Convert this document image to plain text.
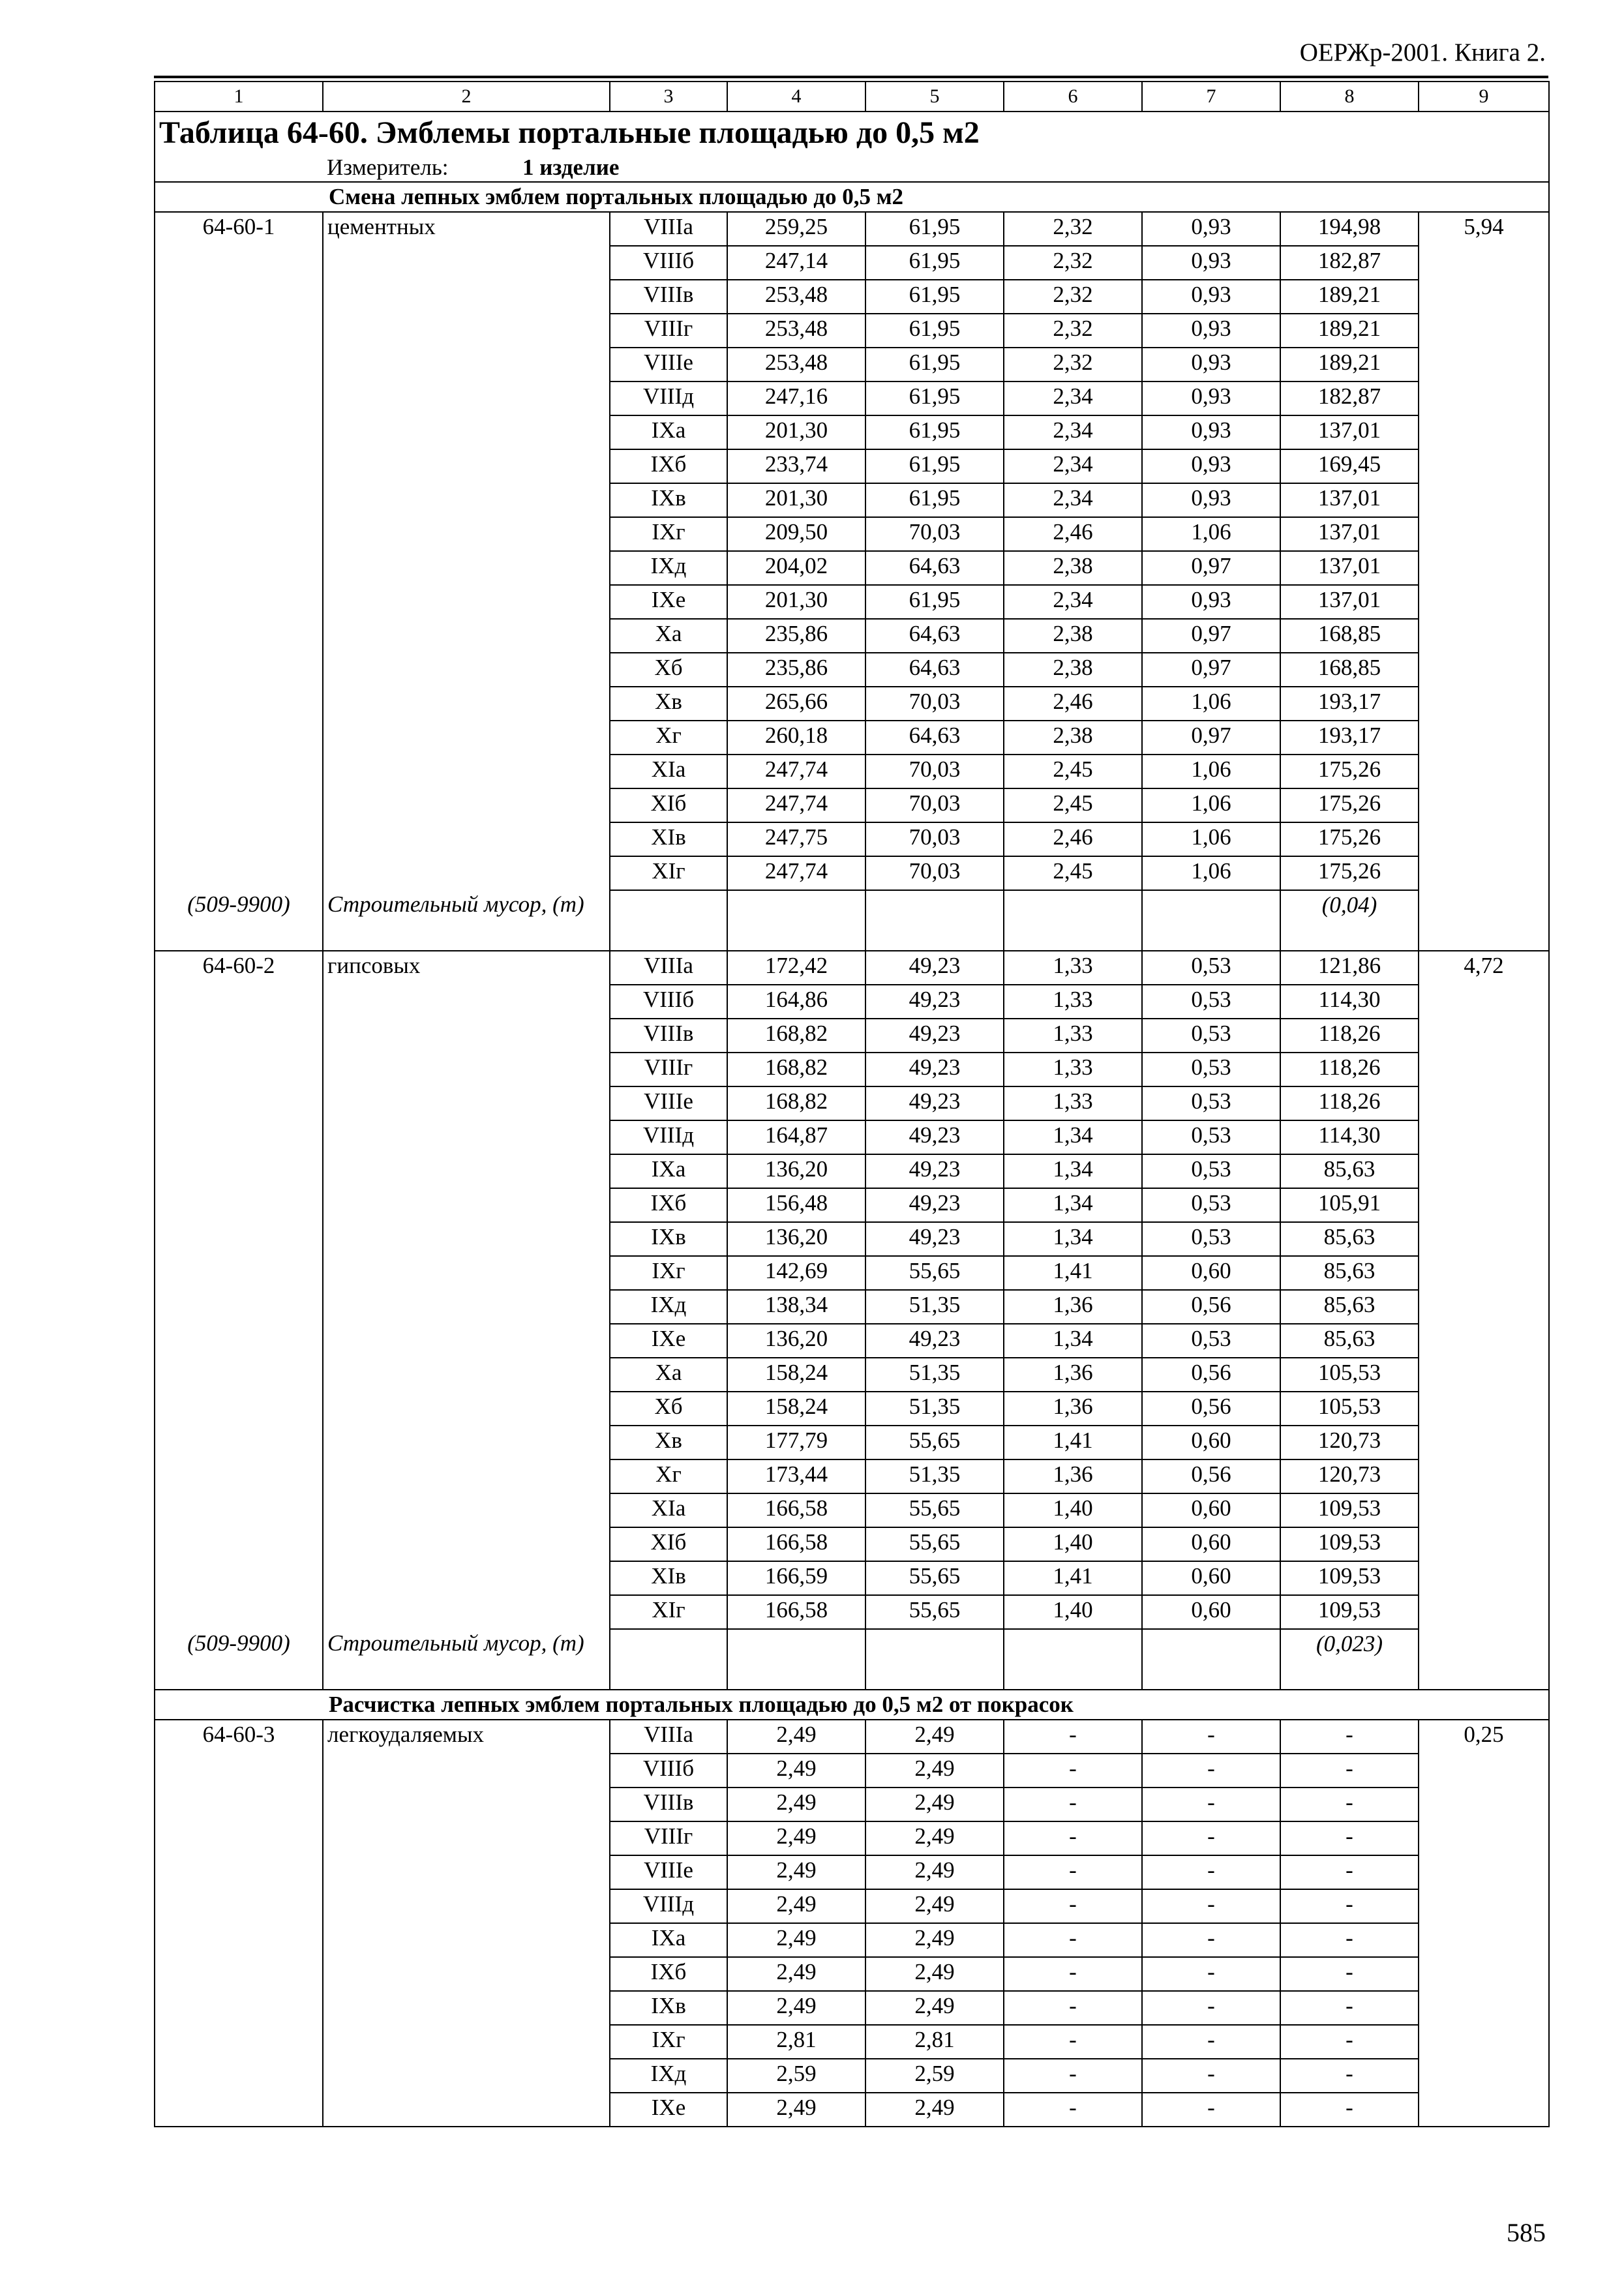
ОЕРЖр-2001. Книга 2.
1	2	3	4	5	6	7	8	9
Таблица 64-60. Эмблемы портальные площадью до 0,5 м2								
	Измеритель: 1 изделие							
Смена лепных эмблем портальных площадью до 0,5 м2								
64-60-1	цементных	VIIIа	259,25	61,95	2,32	0,93	194,98	5,94
		VIIIб	247,14	61,95	2,32	0,93	182,87	
		VIIIв	253,48	61,95	2,32	0,93	189,21	
		VIIIг	253,48	61,95	2,32	0,93	189,21	
		VIIIе	253,48	61,95	2,32	0,93	189,21	
		VIIIд	247,16	61,95	2,34	0,93	182,87	
		IXа	201,30	61,95	2,34	0,93	137,01	
		IXб	233,74	61,95	2,34	0,93	169,45	
		IXв	201,30	61,95	2,34	0,93	137,01	
		IXг	209,50	70,03	2,46	1,06	137,01	
		IXд	204,02	64,63	2,38	0,97	137,01	
		IXе	201,30	61,95	2,34	0,93	137,01	
		Xа	235,86	64,63	2,38	0,97	168,85	
		Xб	235,86	64,63	2,38	0,97	168,85	
		Xв	265,66	70,03	2,46	1,06	193,17	
		Xг	260,18	64,63	2,38	0,97	193,17	
		XIа	247,74	70,03	2,45	1,06	175,26	
		XIб	247,74	70,03	2,45	1,06	175,26	
		XIв	247,75	70,03	2,46	1,06	175,26	
		XIг	247,74	70,03	2,45	1,06	175,26	
(509-9900)	Строительный мусор, (т)						(0,04)	
64-60-2	гипсовых	VIIIа	172,42	49,23	1,33	0,53	121,86	4,72
		VIIIб	164,86	49,23	1,33	0,53	114,30	
		VIIIв	168,82	49,23	1,33	0,53	118,26	
		VIIIг	168,82	49,23	1,33	0,53	118,26	
		VIIIе	168,82	49,23	1,33	0,53	118,26	
		VIIIд	164,87	49,23	1,34	0,53	114,30	
		IXа	136,20	49,23	1,34	0,53	85,63	
		IXб	156,48	49,23	1,34	0,53	105,91	
		IXв	136,20	49,23	1,34	0,53	85,63	
		IXг	142,69	55,65	1,41	0,60	85,63	
		IXд	138,34	51,35	1,36	0,56	85,63	
		IXе	136,20	49,23	1,34	0,53	85,63	
		Xа	158,24	51,35	1,36	0,56	105,53	
		Xб	158,24	51,35	1,36	0,56	105,53	
		Xв	177,79	55,65	1,41	0,60	120,73	
		Xг	173,44	51,35	1,36	0,56	120,73	
		XIа	166,58	55,65	1,40	0,60	109,53	
		XIб	166,58	55,65	1,40	0,60	109,53	
		XIв	166,59	55,65	1,41	0,60	109,53	
		XIг	166,58	55,65	1,40	0,60	109,53	
(509-9900)	Строительный мусор, (т)						(0,023)	
Расчистка лепных эмблем портальных площадью до 0,5 м2 от покрасок								
64-60-3	легкоудаляемых	VIIIа	2,49	2,49	-	-	-	0,25
		VIIIб	2,49	2,49	-	-	-	
		VIIIв	2,49	2,49	-	-	-	
		VIIIг	2,49	2,49	-	-	-	
		VIIIе	2,49	2,49	-	-	-	
		VIIIд	2,49	2,49	-	-	-	
		IXа	2,49	2,49	-	-	-	
		IXб	2,49	2,49	-	-	-	
		IXв	2,49	2,49	-	-	-	
		IXг	2,81	2,81	-	-	-	
		IXд	2,59	2,59	-	-	-	
		IXе	2,49	2,49	-	-	-	
585
